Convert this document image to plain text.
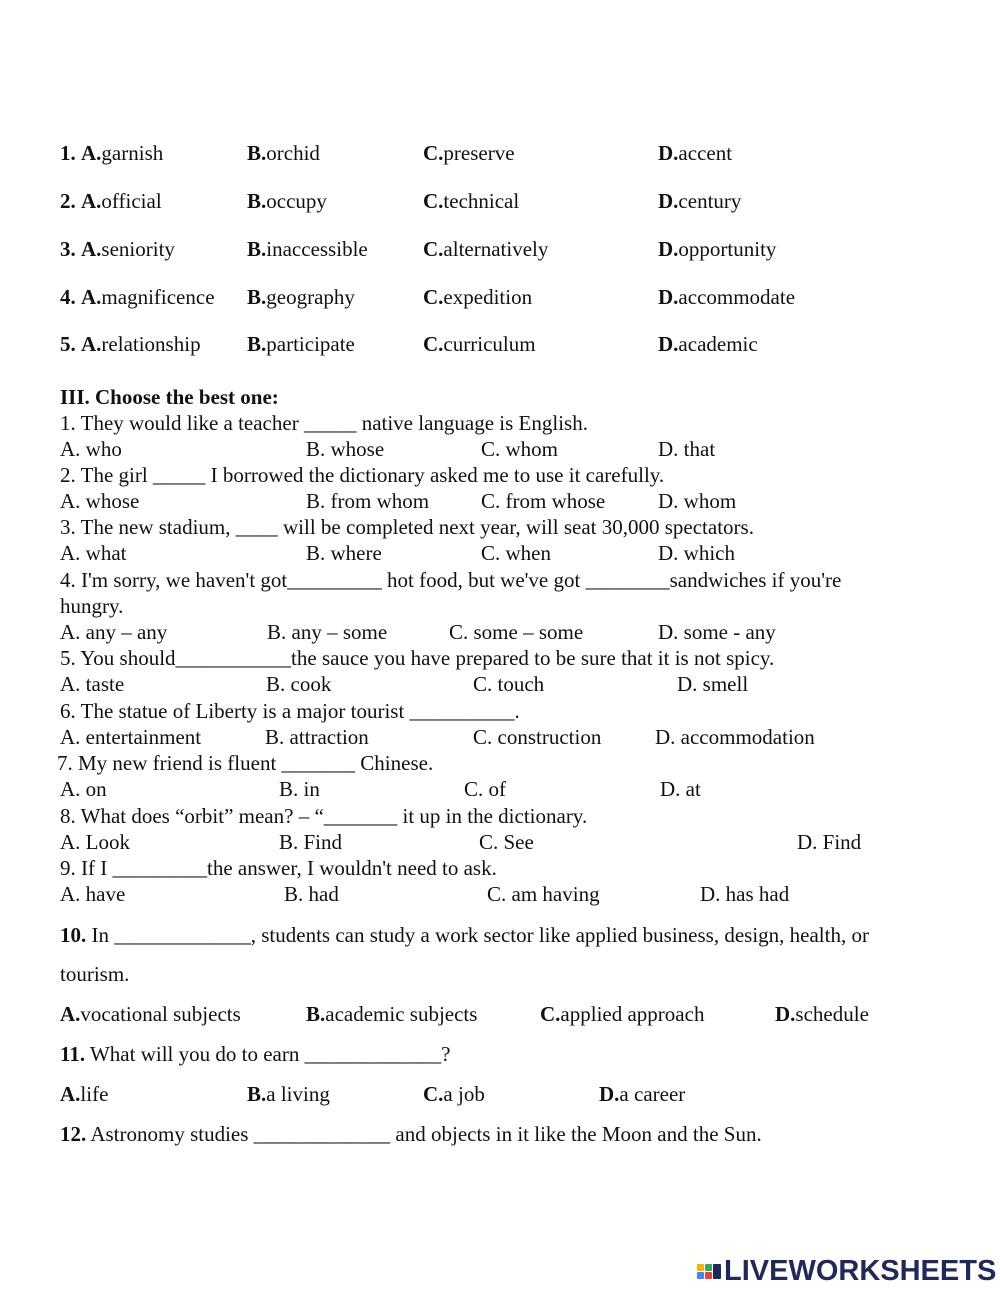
1. A.garnish	B.orchid	C.preserve	D.accent
2. A.official	B.occupy	C.technical	D.century
3. A.seniority	B.inaccessible	C.alternatively	D.opportunity
4. A.magnificence B.geography	C.expedition	D.accommodate
5. A.relationship B.participate	C.curriculum	D.academic
III. Choose the best one:
1. They would like a teacher _____ native language is English.
A. who	B. whose	C. whom	D. that
2. The girl _____ I borrowed the dictionary asked me to use it carefully.
A. whose	B. from whom C. from whose	D. whom
3. The new stadium, ____ will be completed next year, will seat 30,000 spectators.
A. what	B. where	C. when	D. which
4. I'm sorry, we haven't got_________ hot food, but we've got ________sandwiches if you're
hungry.
A. any – any	B. any – some	C. some – some	D. some - any
5. You should___________the sauce you have prepared to be sure that it is not spicy.
A. taste	B. cook	C. touch	D. smell
6. The statue of Liberty is a major tourist __________.
A. entertainment	B. attraction	C. construction	D. accommodation
7. My new friend is fluent _______ Chinese.
A. on	B. in	C. of	D. at
8. What does “orbit” mean? – “_______ it up in the dictionary.
A. Look	B. Find	C. See	D. Find
9. If I _________the answer, I wouldn't need to ask.
A. have	B. had	C. am having	D. has had
10. In _____________, students can study a work sector like applied business, design, health, or
tourism.
A.vocational subjects	B.academic subjects	C.applied approach	D.schedule
11. What will you do to earn _____________?
A.life	B.a living	C.a job	D.a career
12. Astronomy studies _____________ and objects in it like the Moon and the Sun.
LIVEWORKSHEETS
